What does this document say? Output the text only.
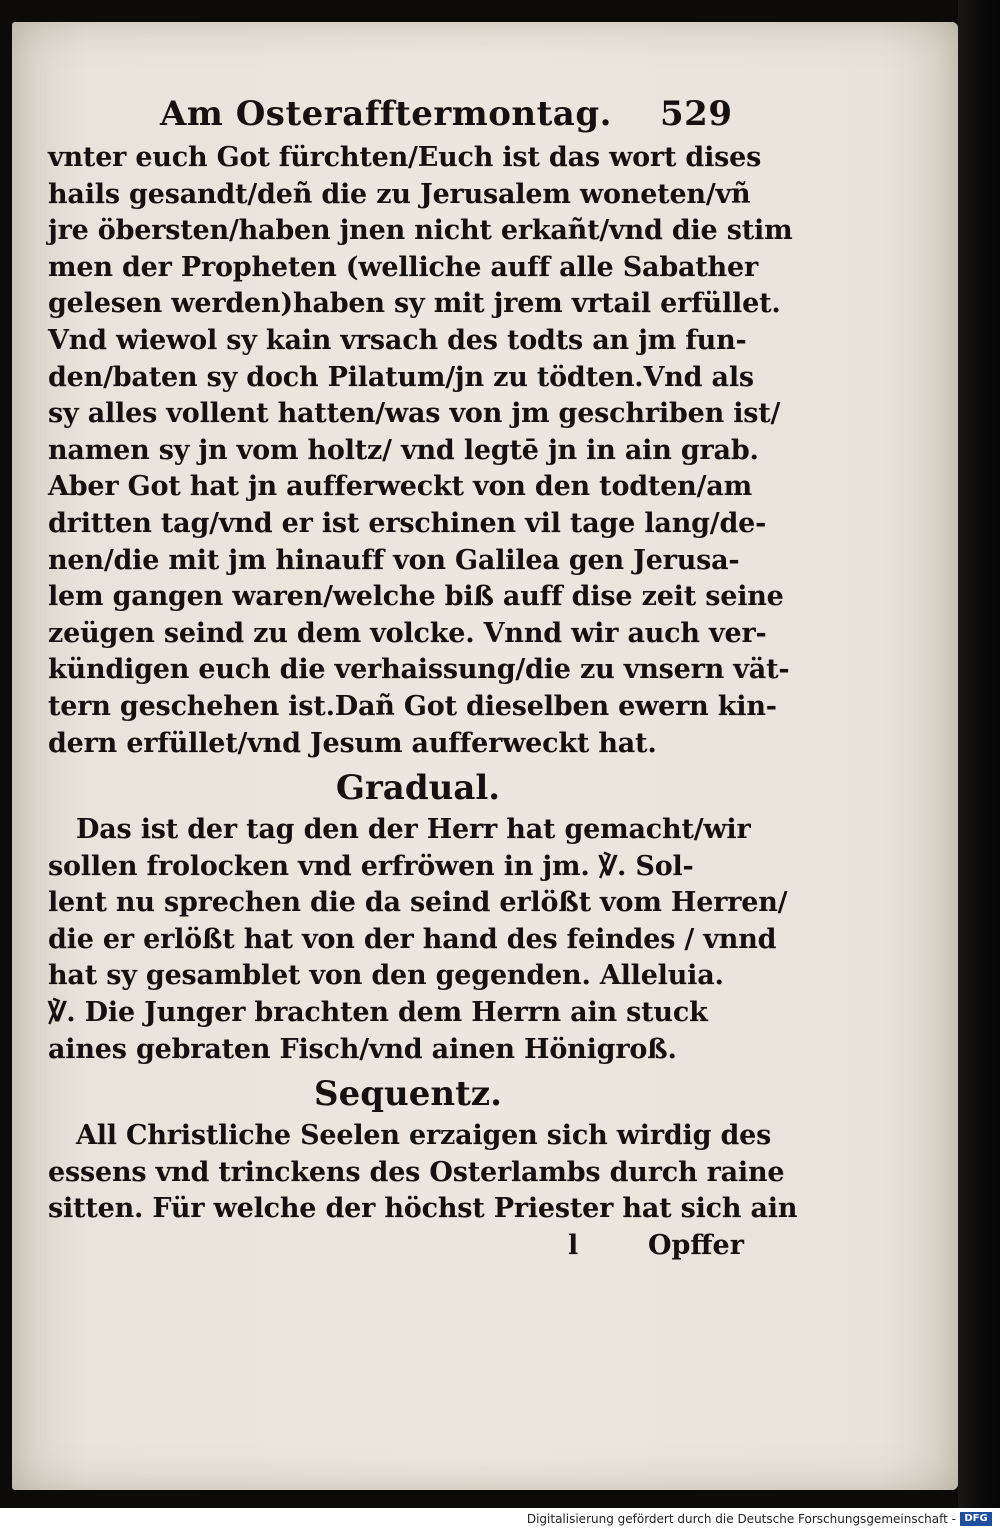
Am Osterafftermontag. 529
vnter euch Got fürchten/Euch ist das wort dises
hails gesandt/deñ die zu Jerusalem woneten/vñ
jre öbersten/haben jnen nicht erkañt/vnd die stim
men der Propheten (welliche auff alle Sabather
gelesen werden)haben sy mit jrem vrtail erfüllet.
Vnd wiewol sy kain vrsach des todts an jm fun-
den/baten sy doch Pilatum/jn zu tödten.Vnd als
sy alles vollent hatten/was von jm geschriben ist/
namen sy jn vom holtz/ vnd legtē jn in ain grab.
Aber Got hat jn aufferweckt von den todten/am
dritten tag/vnd er ist erschinen vil tage lang/de-
nen/die mit jm hinauff von Galilea gen Jerusa-
lem gangen waren/welche biß auff dise zeit seine
zeügen seind zu dem volcke. Vnnd wir auch ver-
kündigen euch die verhaissung/die zu vnsern vät-
tern geschehen ist.Dañ Got dieselben ewern kin-
dern erfüllet/vnd Jesum aufferweckt hat.
Gradual.
Das ist der tag den der Herr hat gemacht/wir
sollen frolocken vnd erfröwen in jm. ℣. Sol-
lent nu sprechen die da seind erlößt vom Herren/
die er erlößt hat von der hand des feindes / vnnd
hat sy gesamblet von den gegenden. Alleluia.
℣. Die Junger brachten dem Herrn ain stuck
aines gebraten Fisch/vnd ainen Hönigroß.
Sequentz.
All Christliche Seelen erzaigen sich wirdig des
essens vnd trinckens des Osterlambs durch raine
sitten. Für welche der höchst Priester hat sich ain
l	Opffer
Digitalisierung gefördert durch die Deutsche Forschungsgemeinschaft - DFG
